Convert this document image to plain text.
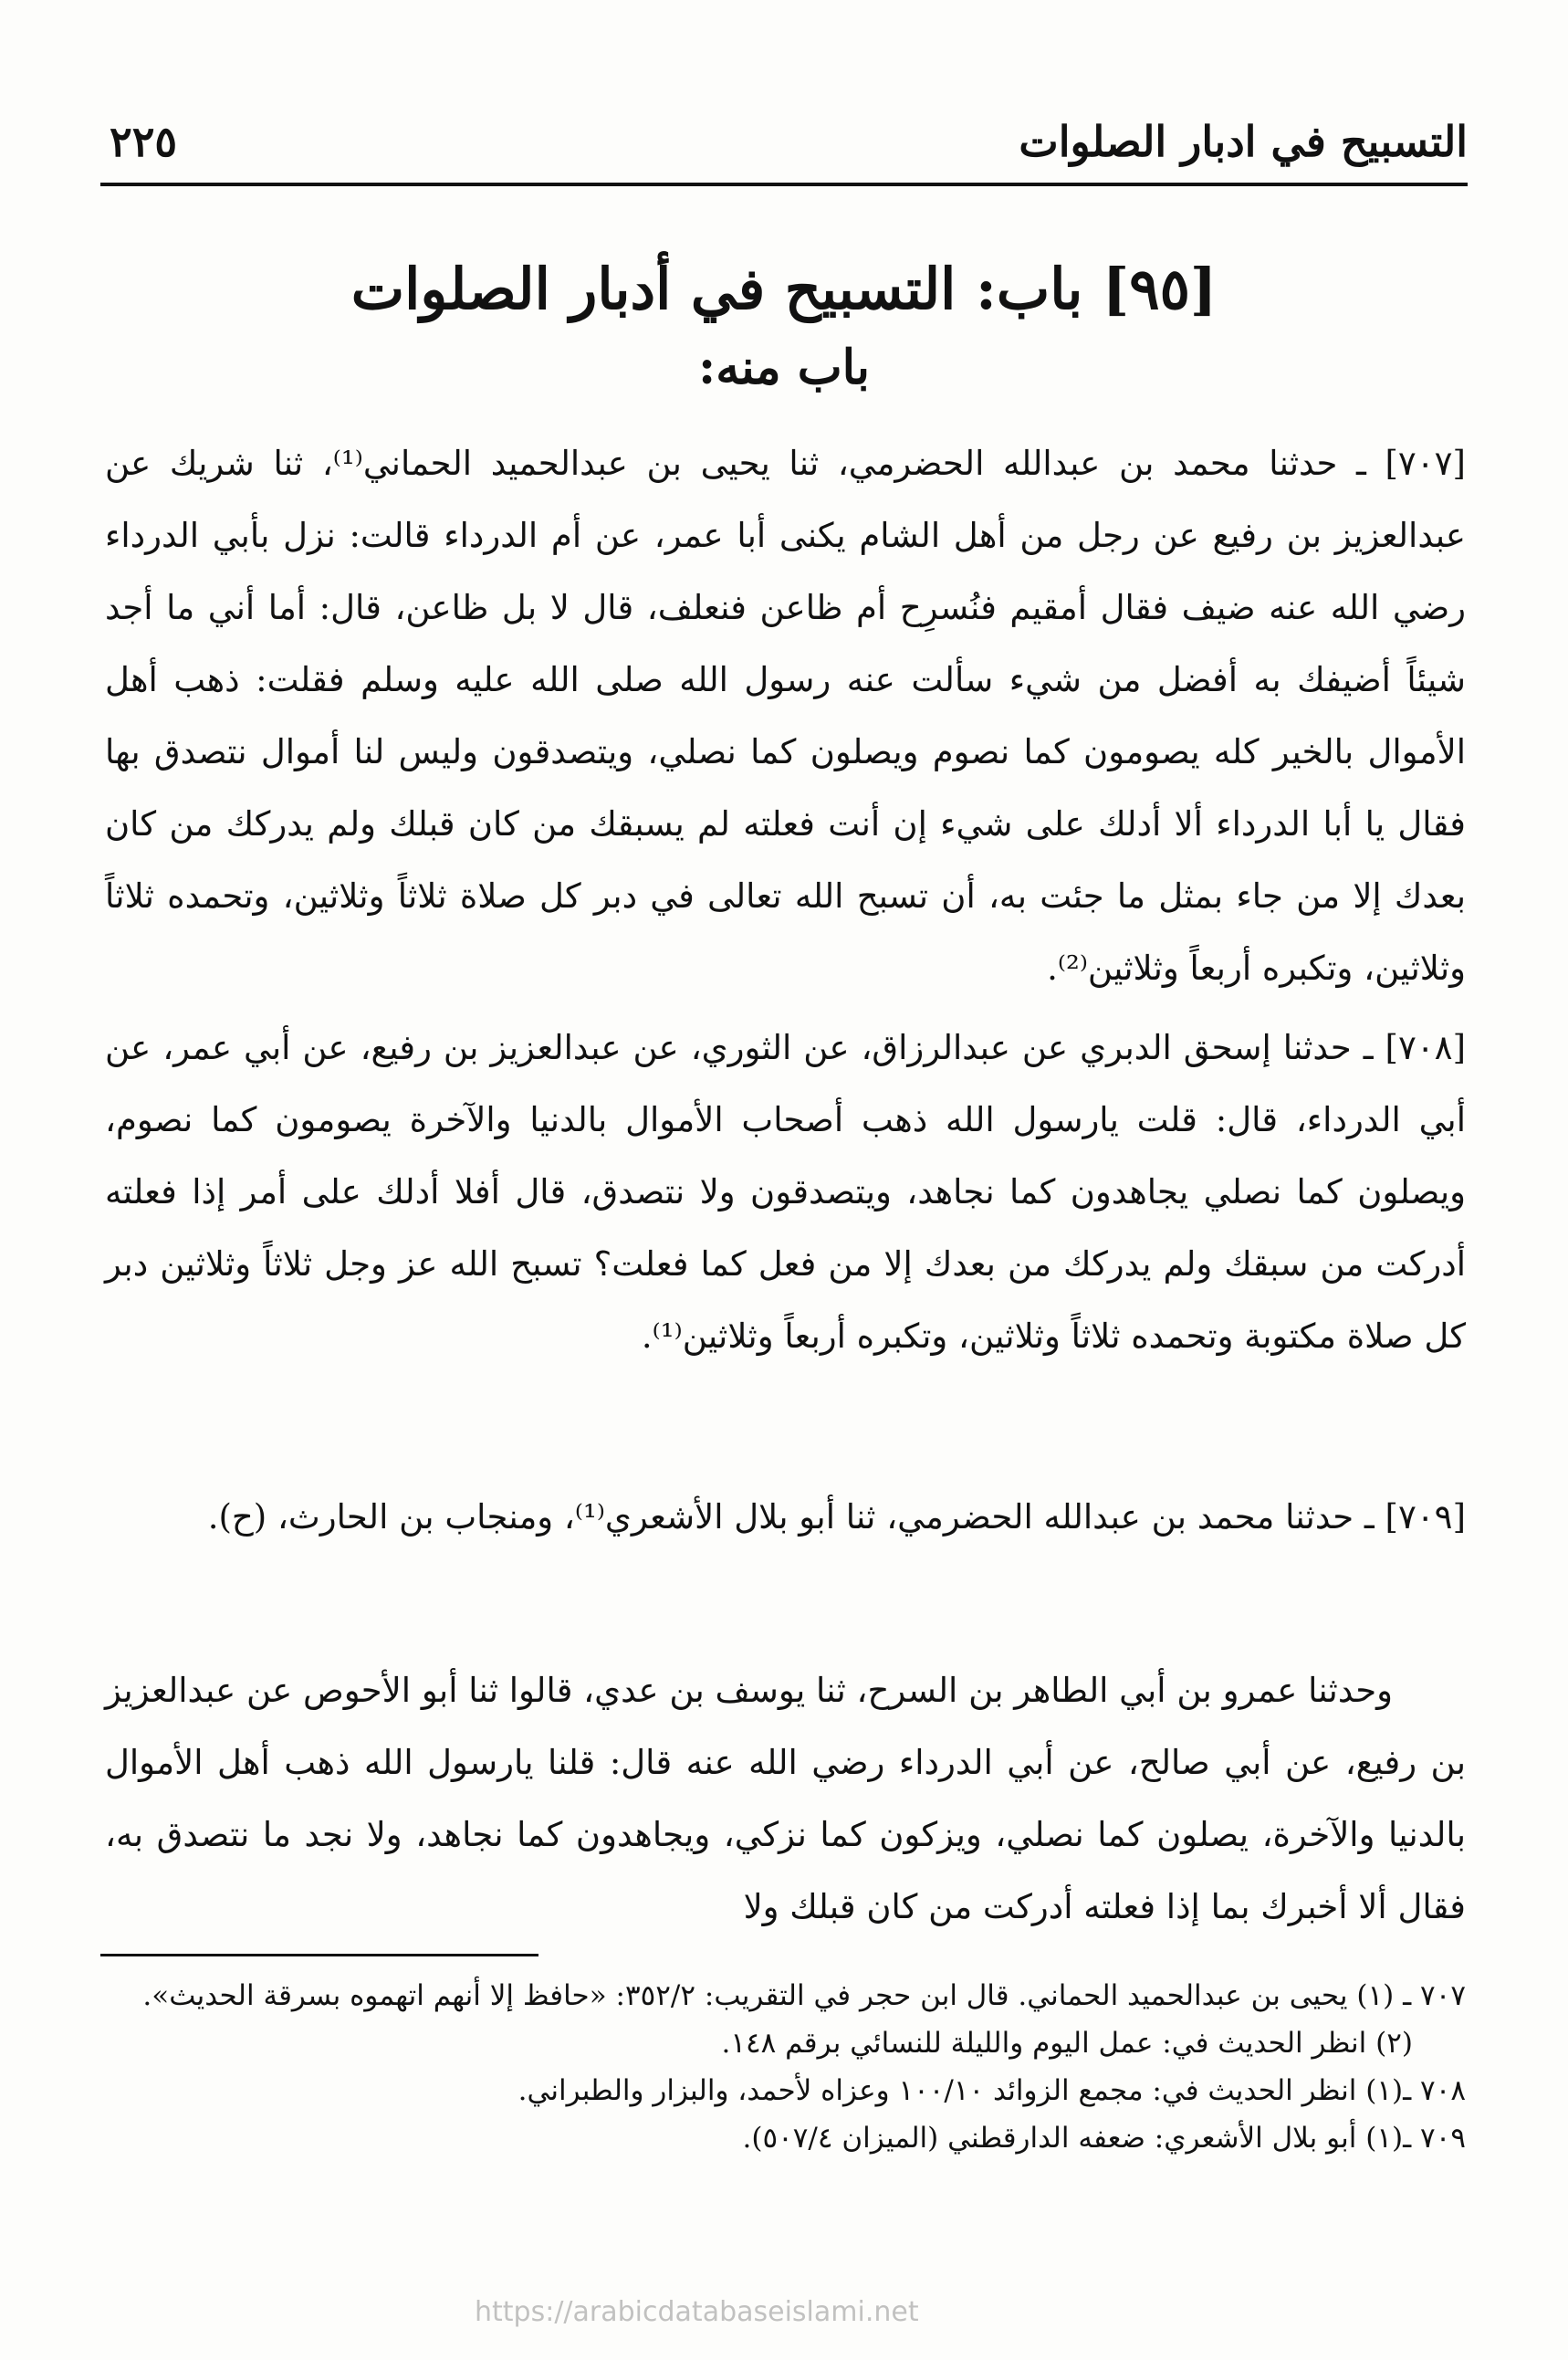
التسبيح في ادبار الصلوات
٢٢٥
[٩٥] باب: التسبيح في أدبار الصلوات
باب منه:
[٧٠٧] ـ حدثنا محمد بن عبدالله الحضرمي، ثنا يحيى بن عبدالحميد الحماني⁽¹⁾، ثنا شريك عن عبدالعزيز بن رفيع عن رجل من أهل الشام يكنى أبا عمر، عن أم الدرداء قالت: نزل بأبي الدرداء رضي الله عنه ضيف فقال أمقيم فنُسرِح أم ظاعن فنعلف، قال لا بل ظاعن، قال: أما أني ما أجد شيئاً أضيفك به أفضل من شيء سألت عنه رسول الله صلى الله عليه وسلم فقلت: ذهب أهل الأموال بالخير كله يصومون كما نصوم ويصلون كما نصلي، ويتصدقون وليس لنا أموال نتصدق بها فقال يا أبا الدرداء ألا أدلك على شيء إن أنت فعلته لم يسبقك من كان قبلك ولم يدركك من كان بعدك إلا من جاء بمثل ما جئت به، أن تسبح الله تعالى في دبر كل صلاة ثلاثاً وثلاثين، وتحمده ثلاثاً وثلاثين، وتكبره أربعاً وثلاثين⁽²⁾.
[٧٠٨] ـ حدثنا إسحق الدبري عن عبدالرزاق، عن الثوري، عن عبدالعزيز بن رفيع، عن أبي عمر، عن أبي الدرداء، قال: قلت يارسول الله ذهب أصحاب الأموال بالدنيا والآخرة يصومون كما نصوم، ويصلون كما نصلي يجاهدون كما نجاهد، ويتصدقون ولا نتصدق، قال أفلا أدلك على أمر إذا فعلته أدركت من سبقك ولم يدركك من بعدك إلا من فعل كما فعلت؟ تسبح الله عز وجل ثلاثاً وثلاثين دبر كل صلاة مكتوبة وتحمده ثلاثاً وثلاثين، وتكبره أربعاً وثلاثين⁽¹⁾.
[٧٠٩] ـ حدثنا محمد بن عبدالله الحضرمي، ثنا أبو بلال الأشعري⁽¹⁾، ومنجاب بن الحارث، (ح).
وحدثنا عمرو بن أبي الطاهر بن السرح، ثنا يوسف بن عدي، قالوا ثنا أبو الأحوص عن عبدالعزيز بن رفيع، عن أبي صالح، عن أبي الدرداء رضي الله عنه قال: قلنا يارسول الله ذهب أهل الأموال بالدنيا والآخرة، يصلون كما نصلي، ويزكون كما نزكي، ويجاهدون كما نجاهد، ولا نجد ما نتصدق به، فقال ألا أخبرك بما إذا فعلته أدركت من كان قبلك ولا

٧٠٧ ـ (١) يحيى بن عبدالحميد الحماني. قال ابن حجر في التقريب: ٣٥٢/٢: «حافظ إلا أنهم اتهموه بسرقة الحديث».

(٢) انظر الحديث في: عمل اليوم والليلة للنسائي برقم ١٤٨.

٧٠٨ ـ(١) انظر الحديث في: مجمع الزوائد ١٠٠/١٠ وعزاه لأحمد، والبزار والطبراني.

٧٠٩ ـ(١) أبو بلال الأشعري: ضعفه الدارقطني (الميزان ٥٠٧/٤).

https://arabicdatabaseislami.net
